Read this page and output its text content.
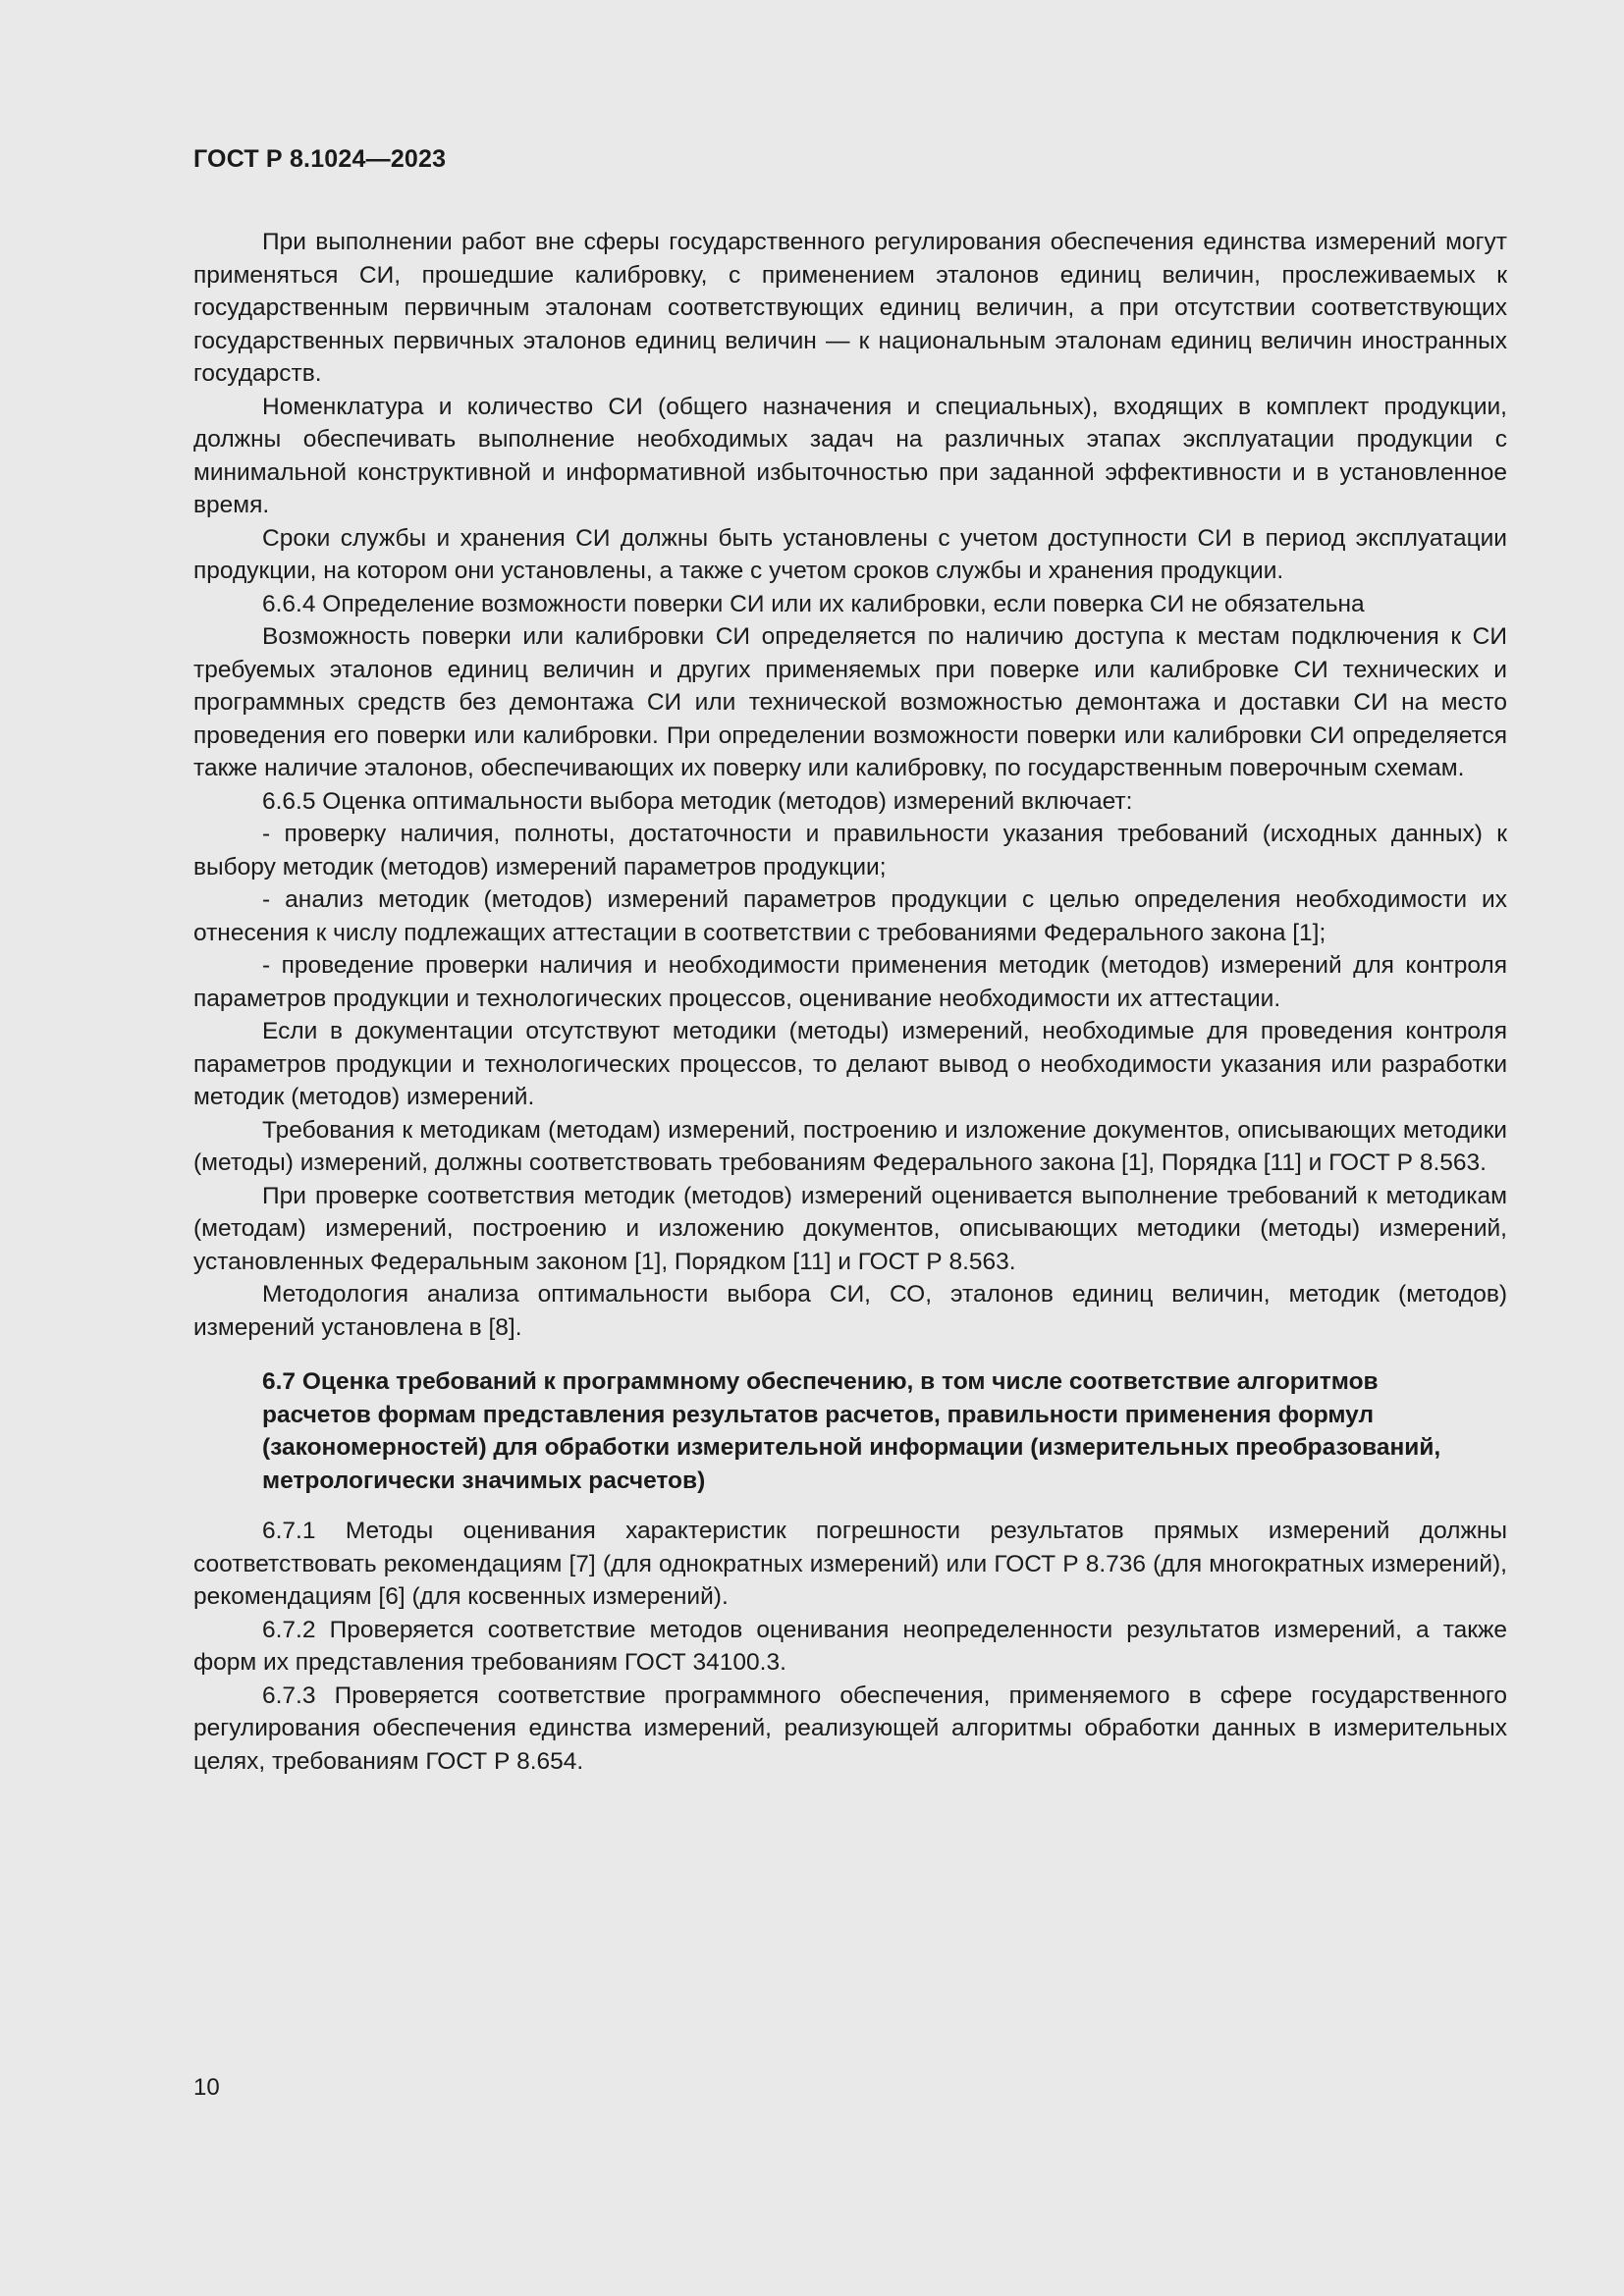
ГОСТ Р 8.1024—2023

При выполнении работ вне сферы государственного регулирования обеспечения единства измерений могут применяться СИ, прошедшие калибровку, с применением эталонов единиц величин, прослеживаемых к государственным первичным эталонам соответствующих единиц величин, а при отсутствии соответствующих государственных первичных эталонов единиц величин — к национальным эталонам единиц величин иностранных государств.

Номенклатура и количество СИ (общего назначения и специальных), входящих в комплект продукции, должны обеспечивать выполнение необходимых задач на различных этапах эксплуатации продукции с минимальной конструктивной и информативной избыточностью при заданной эффективности и в установленное время.

Сроки службы и хранения СИ должны быть установлены с учетом доступности СИ в период эксплуатации продукции, на котором они установлены, а также с учетом сроков службы и хранения продукции.

6.6.4 Определение возможности поверки СИ или их калибровки, если поверка СИ не обязательна

Возможность поверки или калибровки СИ определяется по наличию доступа к местам подключения к СИ требуемых эталонов единиц величин и других применяемых при поверке или калибровке СИ технических и программных средств без демонтажа СИ или технической возможностью демонтажа и доставки СИ на место проведения его поверки или калибровки. При определении возможности поверки или калибровки СИ определяется также наличие эталонов, обеспечивающих их поверку или калибровку, по государственным поверочным схемам.

6.6.5 Оценка оптимальности выбора методик (методов) измерений включает:

- проверку наличия, полноты, достаточности и правильности указания требований (исходных данных) к выбору методик (методов) измерений параметров продукции;

- анализ методик (методов) измерений параметров продукции с целью определения необходимости их отнесения к числу подлежащих аттестации в соответствии с требованиями Федерального закона [1];

- проведение проверки наличия и необходимости применения методик (методов) измерений для контроля параметров продукции и технологических процессов, оценивание необходимости их аттестации.

Если в документации отсутствуют методики (методы) измерений, необходимые для проведения контроля параметров продукции и технологических процессов, то делают вывод о необходимости указания или разработки методик (методов) измерений.

Требования к методикам (методам) измерений, построению и изложение документов, описывающих методики (методы) измерений, должны соответствовать требованиям Федерального закона [1], Порядка [11] и ГОСТ Р 8.563.

При проверке соответствия методик (методов) измерений оценивается выполнение требований к методикам (методам) измерений, построению и изложению документов, описывающих методики (методы) измерений, установленных Федеральным законом [1], Порядком [11] и ГОСТ Р 8.563.

Методология анализа оптимальности выбора СИ, СО, эталонов единиц величин, методик (методов) измерений установлена в [8].

6.7 Оценка требований к программному обеспечению, в том числе соответствие алгоритмов расчетов формам представления результатов расчетов, правильности применения формул (закономерностей) для обработки измерительной информации (измерительных преобразований, метрологически значимых расчетов)

6.7.1 Методы оценивания характеристик погрешности результатов прямых измерений должны соответствовать рекомендациям [7] (для однократных измерений) или ГОСТ Р 8.736 (для многократных измерений), рекомендациям [6] (для косвенных измерений).

6.7.2 Проверяется соответствие методов оценивания неопределенности результатов измерений, а также форм их представления требованиям ГОСТ 34100.3.

6.7.3 Проверяется соответствие программного обеспечения, применяемого в сфере государственного регулирования обеспечения единства измерений, реализующей алгоритмы обработки данных в измерительных целях, требованиям ГОСТ Р 8.654.

10
